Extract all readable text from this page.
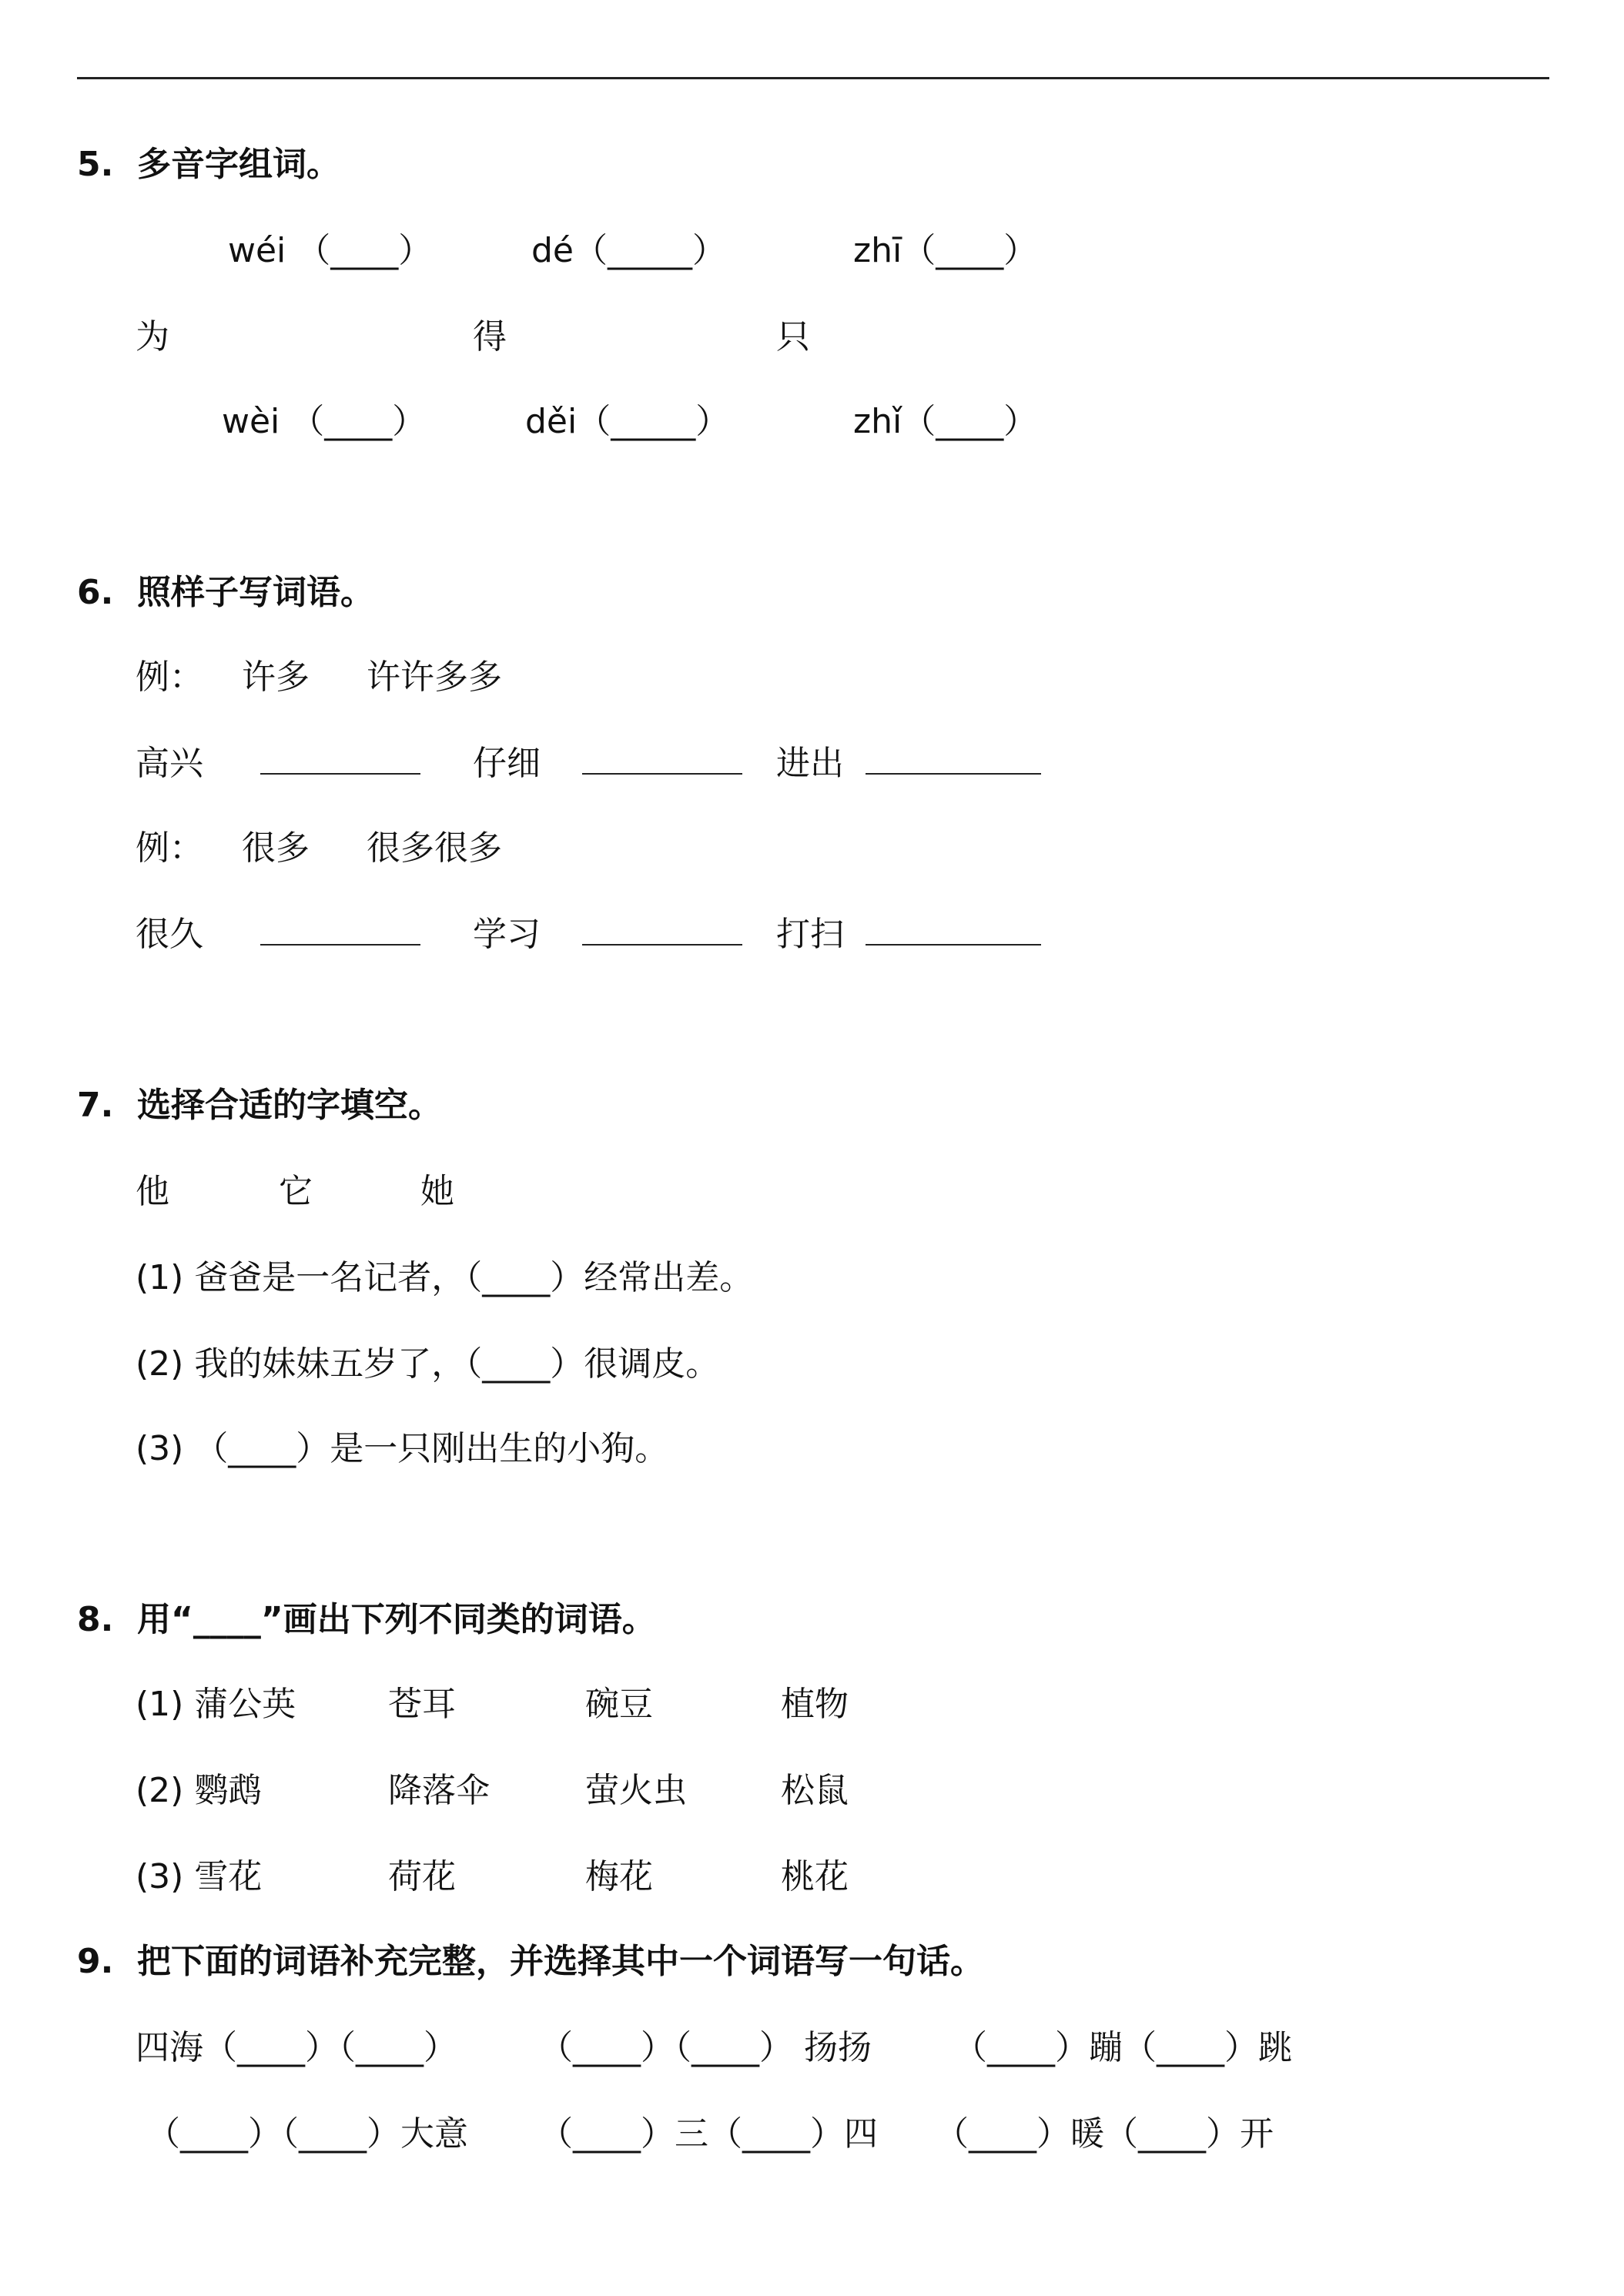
5.  多音字组词。
wéi （____）	dé（_____）	zhī（____）
为	得	只
wèi （____）	děi（_____）	zhǐ（____）
6.  照样子写词语。
例： 许多 许许多多
高兴	仔细	进出
例： 很多 很多很多
很久	学习	打扫
7.  选择合适的字填空。
他	它	她
(1) 爸爸是一名记者，（____）经常出差。
(2) 我的妹妹五岁了，（____）很调皮。
(3) （____）是一只刚出生的小狗。
8.  用“____”画出下列不同类的词语。
(1) 蒲公英	苍耳	碗豆	植物
(2) 鹦鹉	降落伞	萤火虫	松鼠
(3) 雪花	荷花	梅花	桃花
9.  把下面的词语补充完整，并选择其中一个词语写一句话。
四海（____）（____） （____）（____） 扬扬 （____）蹦（____）跳
（____）（____）大意 （____）三（____）四 （____）暖（____）开
